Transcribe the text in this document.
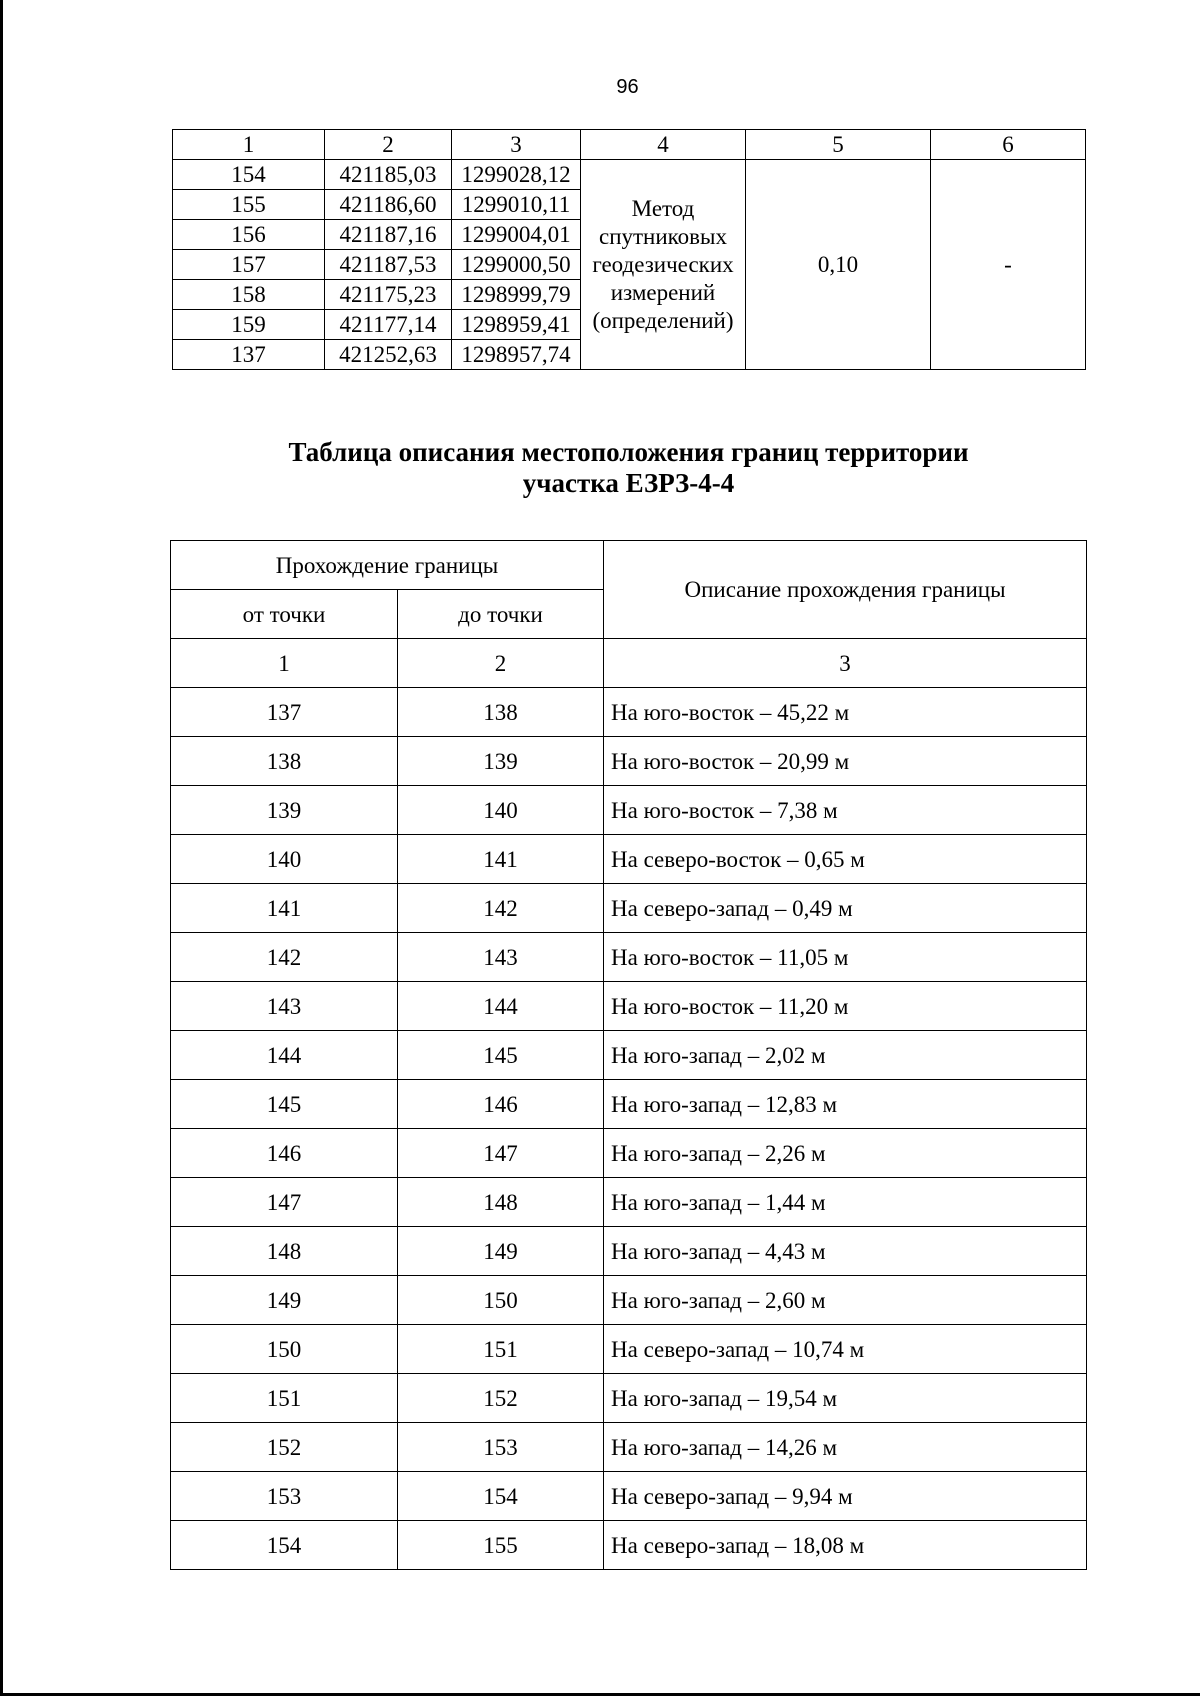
96
1	2	3	4	5	6
154	421185,03	1299028,12	Метод
спутниковых
геодезических
измерений
(определений)	0,10	-
155	421186,60	1299010,11			
156	421187,16	1299004,01			
157	421187,53	1299000,50			
158	421175,23	1298999,79			
159	421177,14	1298959,41			
137	421252,63	1298957,74			
Таблица описания местоположения границ территории
участка ЕЗРЗ-4-4
Прохождение границы		Описание прохождения границы
от точки	до точки	
1	2	3
137	138	На юго-восток – 45,22 м
138	139	На юго-восток – 20,99 м
139	140	На юго-восток – 7,38 м
140	141	На северо-восток – 0,65 м
141	142	На северо-запад – 0,49 м
142	143	На юго-восток – 11,05 м
143	144	На юго-восток – 11,20 м
144	145	На юго-запад – 2,02 м
145	146	На юго-запад – 12,83 м
146	147	На юго-запад – 2,26 м
147	148	На юго-запад – 1,44 м
148	149	На юго-запад – 4,43 м
149	150	На юго-запад – 2,60 м
150	151	На северо-запад – 10,74 м
151	152	На юго-запад – 19,54 м
152	153	На юго-запад – 14,26 м
153	154	На северо-запад – 9,94 м
154	155	На северо-запад – 18,08 м
